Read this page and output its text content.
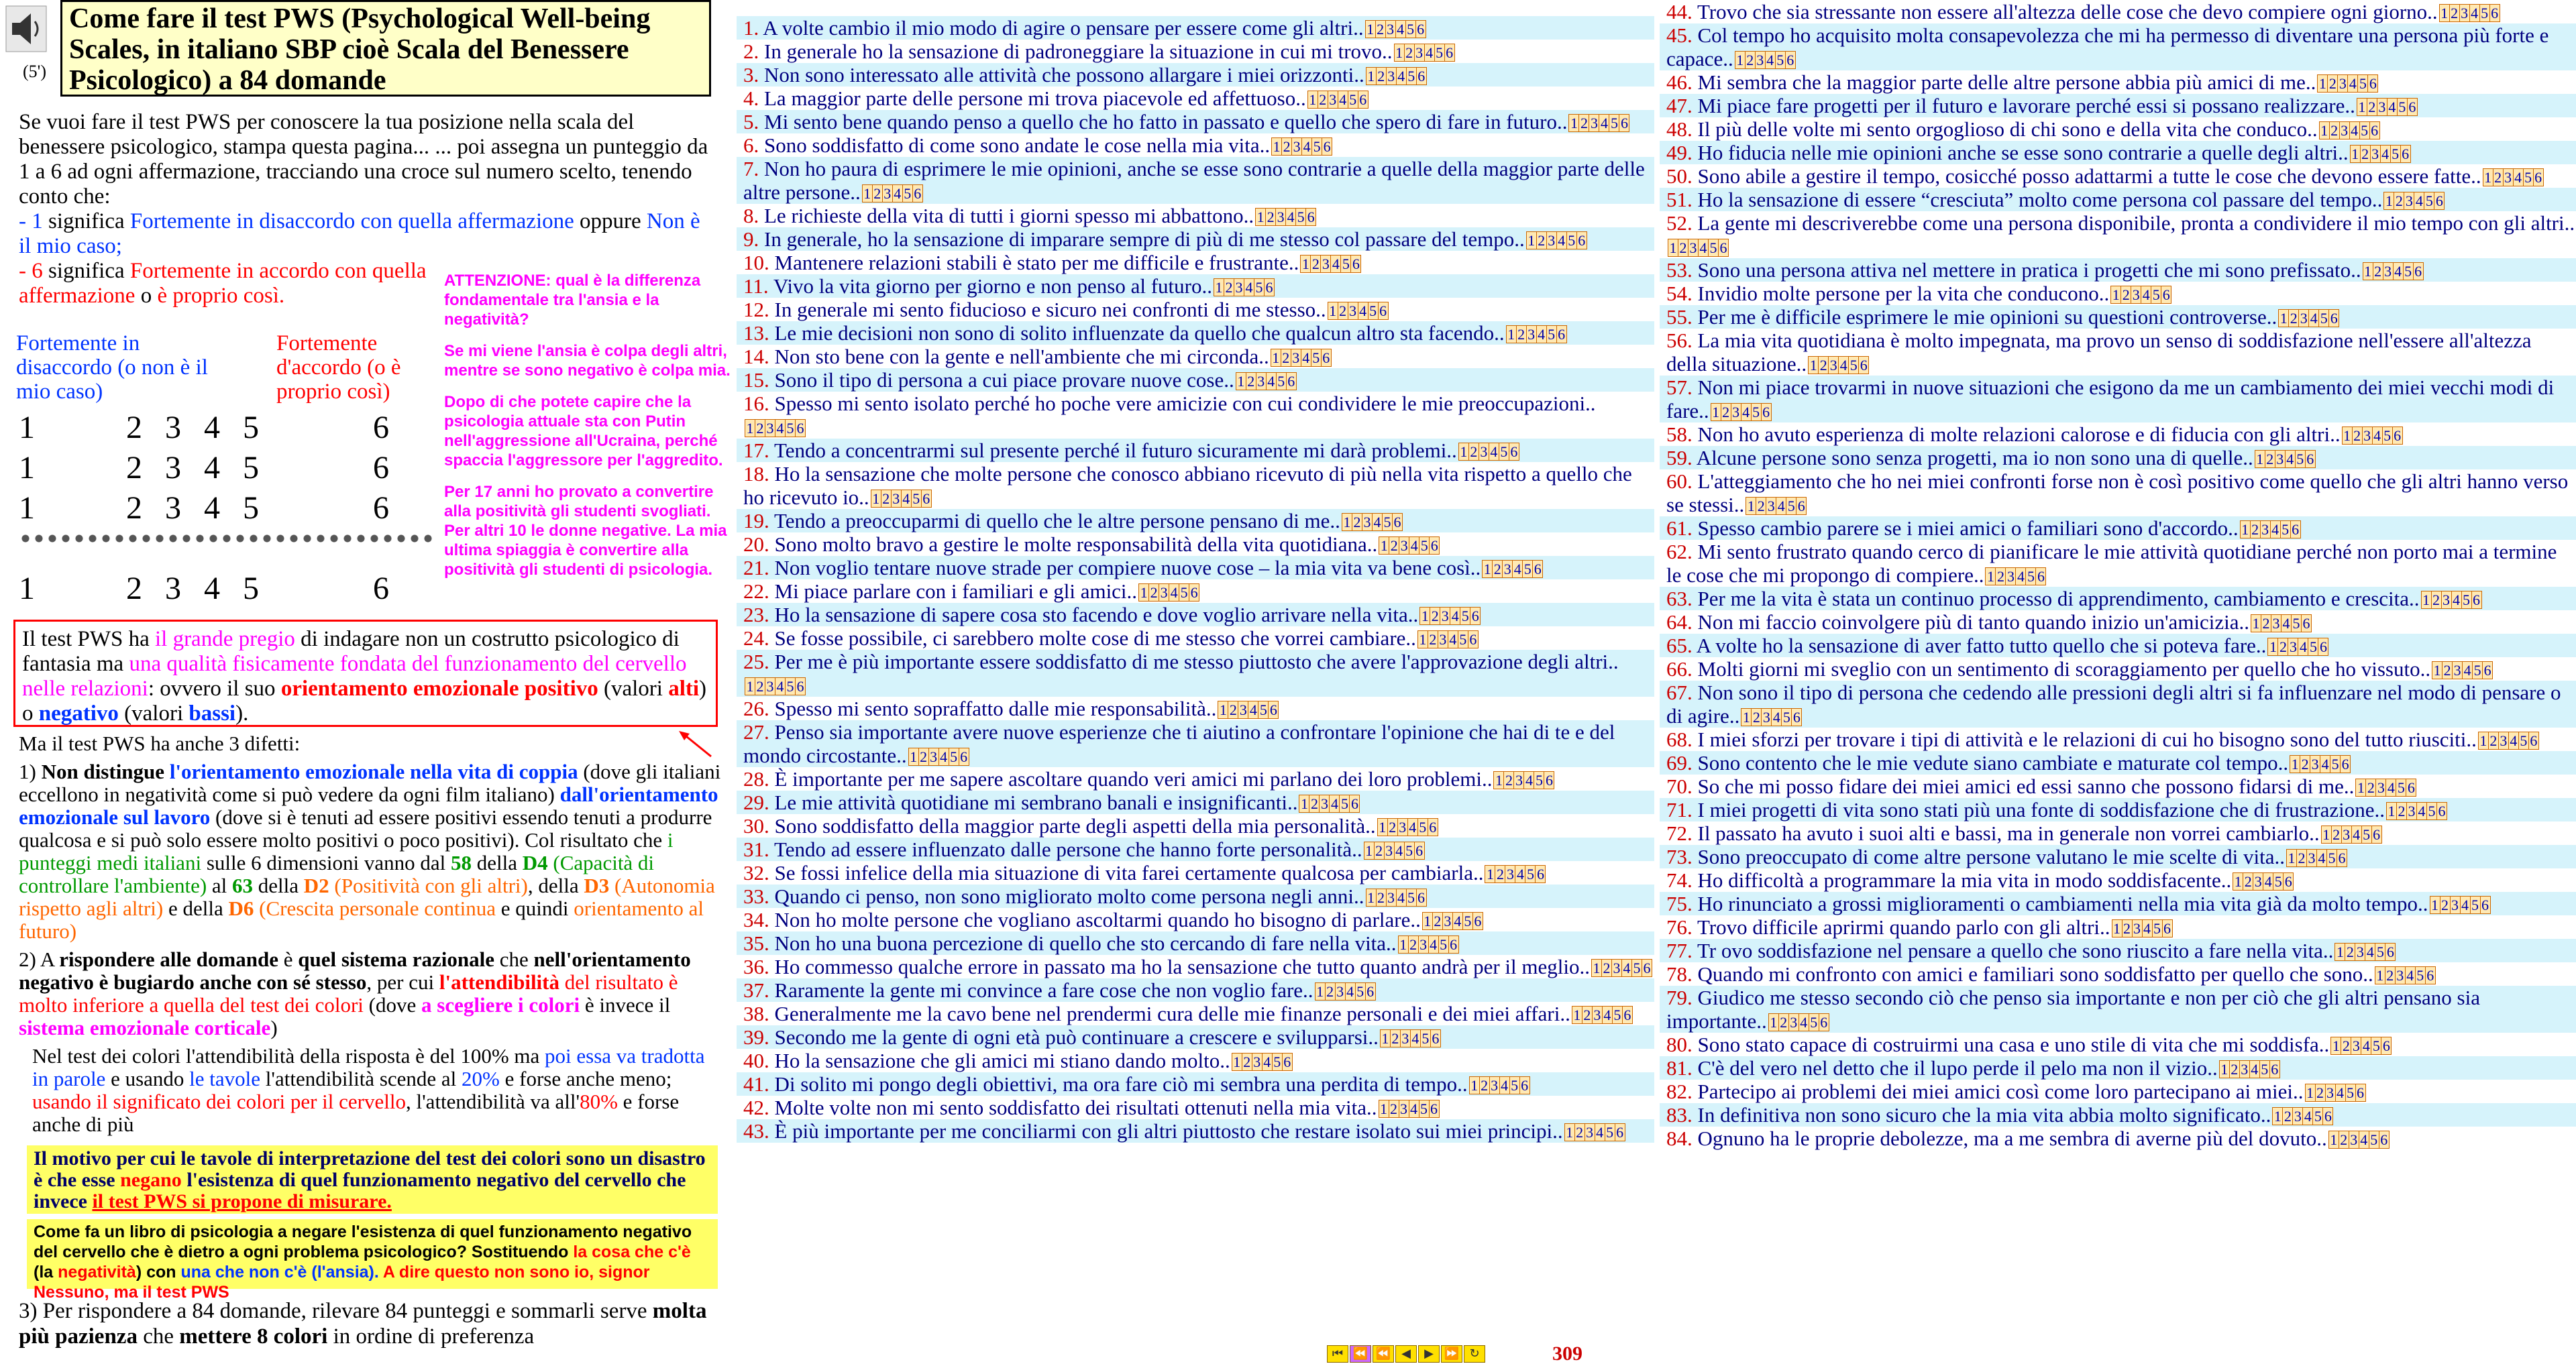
(5')
Come fare il test PWS (Psychological Well-being
Scales, in italiano SBP cioè Scala del Benessere
Psicologico) a 84 domande
Se vuoi fare il test PWS per conoscere la tua posizione nella scala del benessere psicologico, stampa questa pagina... ... poi assegna un punteggio da 1 a 6 ad ogni affermazione, tracciando una croce sul numero scelto, tenendo conto che:
- 1 significa Fortemente in disaccordo con quella affermazione oppure Non è il mio caso;
- 6 significa Fortemente in accordo con quella affermazione o è proprio così.

ATTENZIONE: qual è la differenza fondamentale tra l'ansia e la negatività?

Se mi viene l'ansia è colpa degli altri, mentre se sono negativo è colpa mia.

Dopo di che potete capire che la psicologia attuale sta con Putin nell'aggressione all'Ucraina, perché spaccia l'aggressore per l'aggredito.

Per 17 anni ho provato a convertire alla positività gli studenti svogliati. Per altri 10 le donne negative. La mia ultima spiaggia è convertire alla positività gli studenti di psicologia.

Fortemente in disaccordo (o non è il mio caso)
Fortemente d'accordo (o è proprio così)
1	2 3 4 5	6
1	2 3 4 5	6
1	2 3 4 5	6
1	2 3 4 5	6
Il test PWS ha il grande pregio di indagare non un costrutto psicologico di fantasia ma una qualità fisicamente fondata del funzionamento del cervello nelle relazioni: ovvero il suo orientamento emozionale positivo (valori alti) o negativo (valori bassi).

Ma il test PWS ha anche 3 difetti:

1) Non distingue l'orientamento emozionale nella vita di coppia (dove gli italiani eccellono in negatività come si può vedere da ogni film italiano) dall'orientamento emozionale sul lavoro (dove si è tenuti ad essere positivi essendo tenuti a produrre qualcosa e si può solo essere molto positivi o poco positivi). Col risultato che i punteggi medi italiani sulle 6 dimensioni vanno dal 58 della D4 (Capacità di controllare l'ambiente) al 63 della D2 (Positività con gli altri), della D3 (Autonomia rispetto agli altri) e della D6 (Crescita personale continua e quindi orientamento al futuro)

2) A rispondere alle domande è quel sistema razionale che nell'orientamento negativo è bugiardo anche con sé stesso, per cui l'attendibilità del risultato è molto inferiore a quella del test dei colori (dove a scegliere i colori è invece il sistema emozionale corticale)

Nel test dei colori l'attendibilità della risposta è del 100% ma poi essa va tradotta in parole e usando le tavole l'attendibilità scende al 20% e forse anche meno; usando il significato dei colori per il cervello, l'attendibilità va all'80% e forse anche di più

Il motivo per cui le tavole di interpretazione del test dei colori sono un disastro è che esse negano l'esistenza di quel funzionamento negativo del cervello che invece il test PWS si propone di misurare.
Come fa un libro di psicologia a negare l'esistenza di quel funzionamento negativo del cervello che è dietro a ogni problema psicologico? Sostituendo la cosa che c'è (la negatività) con una che non c'è (l'ansia). A dire questo non sono io, signor Nessuno, ma il test PWS
3) Per rispondere a 84 domande, rilevare 84 punteggi e sommarli serve molta più pazienza che mettere 8 colori in ordine di preferenza
1. A volte cambio il mio modo di agire o pensare per essere come gli altri.. 1 2 3 4 5 6
2. In generale ho la sensazione di padroneggiare la situazione in cui mi trovo.. 1 2 3 4 5 6
3. Non sono interessato alle attività che possono allargare i miei orizzonti.. 1 2 3 4 5 6
4. La maggior parte delle persone mi trova piacevole ed affettuoso.. 1 2 3 4 5 6
5. Mi sento bene quando penso a quello che ho fatto in passato e quello che spero di fare in futuro.. 1 2 3 4 5 6
6. Sono soddisfatto di come sono andate le cose nella mia vita.. 1 2 3 4 5 6
7. Non ho paura di esprimere le mie opinioni, anche se esse sono contrarie a quelle della maggior parte delle altre persone.. 1 2 3 4 5 6
8. Le richieste della vita di tutti i giorni spesso mi abbattono.. 1 2 3 4 5 6
9. In generale, ho la sensazione di imparare sempre di più di me stesso col passare del tempo.. 1 2 3 4 5 6
10. Mantenere relazioni stabili è stato per me difficile e frustrante.. 1 2 3 4 5 6
11. Vivo la vita giorno per giorno e non penso al futuro.. 1 2 3 4 5 6
12. In generale mi sento fiducioso e sicuro nei confronti di me stesso.. 1 2 3 4 5 6
13. Le mie decisioni non sono di solito influenzate da quello che qualcun altro sta facendo.. 1 2 3 4 5 6
14. Non sto bene con la gente e nell'ambiente che mi circonda.. 1 2 3 4 5 6
15. Sono il tipo di persona a cui piace provare nuove cose.. 1 2 3 4 5 6
16. Spesso mi sento isolato perché ho poche vere amicizie con cui condividere le mie preoccupazioni..1 2 3 4 5 6
17. Tendo a concentrarmi sul presente perché il futuro sicuramente mi darà problemi.. 1 2 3 4 5 6
18. Ho la sensazione che molte persone che conosco abbiano ricevuto di più nella vita rispetto a quello che ho ricevuto io.. 1 2 3 4 5 6
19. Tendo a preoccuparmi di quello che le altre persone pensano di me.. 1 2 3 4 5 6
20. Sono molto bravo a gestire le molte responsabilità della vita quotidiana.. 1 2 3 4 5 6
21. Non voglio tentare nuove strade per compiere nuove cose – la mia vita va bene così.. 1 2 3 4 5 6
22. Mi piace parlare con i familiari e gli amici.. 1 2 3 4 5 6
23. Ho la sensazione di sapere cosa sto facendo e dove voglio arrivare nella vita.. 1 2 3 4 5 6
24. Se fosse possibile, ci sarebbero molte cose di me stesso che vorrei cambiare.. 1 2 3 4 5 6
25. Per me è più importante essere soddisfatto di me stesso piuttosto che avere l'approvazione degli altri..1 2 3 4 5 6
26. Spesso mi sento sopraffatto dalle mie responsabilità.. 1 2 3 4 5 6
27. Penso sia importante avere nuove esperienze che ti aiutino a confrontare l'opinione che hai di te e del mondo circostante.. 1 2 3 4 5 6
28. È importante per me sapere ascoltare quando veri amici mi parlano dei loro problemi.. 1 2 3 4 5 6
29. Le mie attività quotidiane mi sembrano banali e insignificanti.. 1 2 3 4 5 6
30. Sono soddisfatto della maggior parte degli aspetti della mia personalità.. 1 2 3 4 5 6
31. Tendo ad essere influenzato dalle persone che hanno forte personalità.. 1 2 3 4 5 6
32. Se fossi infelice della mia situazione di vita farei certamente qualcosa per cambiarla.. 1 2 3 4 5 6
33. Quando ci penso, non sono migliorato molto come persona negli anni.. 1 2 3 4 5 6
34. Non ho molte persone che vogliano ascoltarmi quando ho bisogno di parlare.. 1 2 3 4 5 6
35. Non ho una buona percezione di quello che sto cercando di fare nella vita.. 1 2 3 4 5 6
36. Ho commesso qualche errore in passato ma ho la sensazione che tutto quanto andrà per il meglio.. 1 2 3 4 5 6
37. Raramente la gente mi convince a fare cose che non voglio fare.. 1 2 3 4 5 6
38. Generalmente me la cavo bene nel prendermi cura delle mie finanze personali e dei miei affari.. 1 2 3 4 5 6
39. Secondo me la gente di ogni età può continuare a crescere e svilupparsi.. 1 2 3 4 5 6
40. Ho la sensazione che gli amici mi stiano dando molto.. 1 2 3 4 5 6
41. Di solito mi pongo degli obiettivi, ma ora fare ciò mi sembra una perdita di tempo.. 1 2 3 4 5 6
42. Molte volte non mi sento soddisfatto dei risultati ottenuti nella mia vita.. 1 2 3 4 5 6
43. È più importante per me conciliarmi con gli altri piuttosto che restare isolato sui miei principi.. 1 2 3 4 5 6
44. Trovo che sia stressante non essere all'altezza delle cose che devo compiere ogni giorno.. 1 2 3 4 5 6
45. Col tempo ho acquisito molta consapevolezza che mi ha permesso di diventare una persona più forte e capace.. 1 2 3 4 5 6
46. Mi sembra che la maggior parte delle altre persone abbia più amici di me.. 1 2 3 4 5 6
47. Mi piace fare progetti per il futuro e lavorare perché essi si possano realizzare.. 1 2 3 4 5 6
48. Il più delle volte mi sento orgoglioso di chi sono e della vita che conduco.. 1 2 3 4 5 6
49. Ho fiducia nelle mie opinioni anche se esse sono contrarie a quelle degli altri.. 1 2 3 4 5 6
50. Sono abile a gestire il tempo, cosicché posso adattarmi a tutte le cose che devono essere fatte.. 1 2 3 4 5 6
51. Ho la sensazione di essere “cresciuta” molto come persona col passare del tempo.. 1 2 3 4 5 6
52. La gente mi descriverebbe come una persona disponibile, pronta a condividere il mio tempo con gli altri..1 2 3 4 5 6
53. Sono una persona attiva nel mettere in pratica i progetti che mi sono prefissato.. 1 2 3 4 5 6
54. Invidio molte persone per la vita che conducono.. 1 2 3 4 5 6
55. Per me è difficile esprimere le mie opinioni su questioni controverse.. 1 2 3 4 5 6
56. La mia vita quotidiana è molto impegnata, ma provo un senso di soddisfazione nell'essere all'altezza della situazione.. 1 2 3 4 5 6
57. Non mi piace trovarmi in nuove situazioni che esigono da me un cambiamento dei miei vecchi modi di fare.. 1 2 3 4 5 6
58. Non ho avuto esperienza di molte relazioni calorose e di fiducia con gli altri.. 1 2 3 4 5 6
59. Alcune persone sono senza progetti, ma io non sono una di quelle.. 1 2 3 4 5 6
60. L'atteggiamento che ho nei miei confronti forse non è così positivo come quello che gli altri hanno verso se stessi.. 1 2 3 4 5 6
61. Spesso cambio parere se i miei amici o familiari sono d'accordo.. 1 2 3 4 5 6
62. Mi sento frustrato quando cerco di pianificare le mie attività quotidiane perché non porto mai a termine le cose che mi propongo di compiere.. 1 2 3 4 5 6
63. Per me la vita è stata un continuo processo di apprendimento, cambiamento e crescita.. 1 2 3 4 5 6
64. Non mi faccio coinvolgere più di tanto quando inizio un'amicizia.. 1 2 3 4 5 6
65. A volte ho la sensazione di aver fatto tutto quello che si poteva fare.. 1 2 3 4 5 6
66. Molti giorni mi sveglio con un sentimento di scoraggiamento per quello che ho vissuto.. 1 2 3 4 5 6
67. Non sono il tipo di persona che cedendo alle pressioni degli altri si fa influenzare nel modo di pensare o di agire.. 1 2 3 4 5 6
68. I miei sforzi per trovare i tipi di attività e le relazioni di cui ho bisogno sono del tutto riusciti.. 1 2 3 4 5 6
69. Sono contento che le mie vedute siano cambiate e maturate col tempo.. 1 2 3 4 5 6
70. So che mi posso fidare dei miei amici ed essi sanno che possono fidarsi di me.. 1 2 3 4 5 6
71. I miei progetti di vita sono stati più una fonte di soddisfazione che di frustrazione.. 1 2 3 4 5 6
72. Il passato ha avuto i suoi alti e bassi, ma in generale non vorrei cambiarlo.. 1 2 3 4 5 6
73. Sono preoccupato di come altre persone valutano le mie scelte di vita.. 1 2 3 4 5 6
74. Ho difficoltà a programmare la mia vita in modo soddisfacente.. 1 2 3 4 5 6
75. Ho rinunciato a grossi miglioramenti o cambiamenti nella mia vita già da molto tempo.. 1 2 3 4 5 6
76. Trovo difficile aprirmi quando parlo con gli altri.. 1 2 3 4 5 6
77. Tr ovo soddisfazione nel pensare a quello che sono riuscito a fare nella vita.. 1 2 3 4 5 6
78. Quando mi confronto con amici e familiari sono soddisfatto per quello che sono.. 1 2 3 4 5 6
79. Giudico me stesso secondo ciò che penso sia importante e non per ciò che gli altri pensano sia importante.. 1 2 3 4 5 6
80. Sono stato capace di costruirmi una casa e uno stile di vita che mi soddisfa.. 1 2 3 4 5 6
81. C'è del vero nel detto che il lupo perde il pelo ma non il vizio.. 1 2 3 4 5 6
82. Partecipo ai problemi dei miei amici così come loro partecipano ai miei.. 1 2 3 4 5 6
83. In definitiva non sono sicuro che la mia vita abbia molto significato.. 1 2 3 4 5 6
84. Ognuno ha le proprie debolezze, ma a me sembra di averne più del dovuto.. 1 2 3 4 5 6
⏮ ⏪ ⏪ ◀	▶ ⏩ ↻	309
